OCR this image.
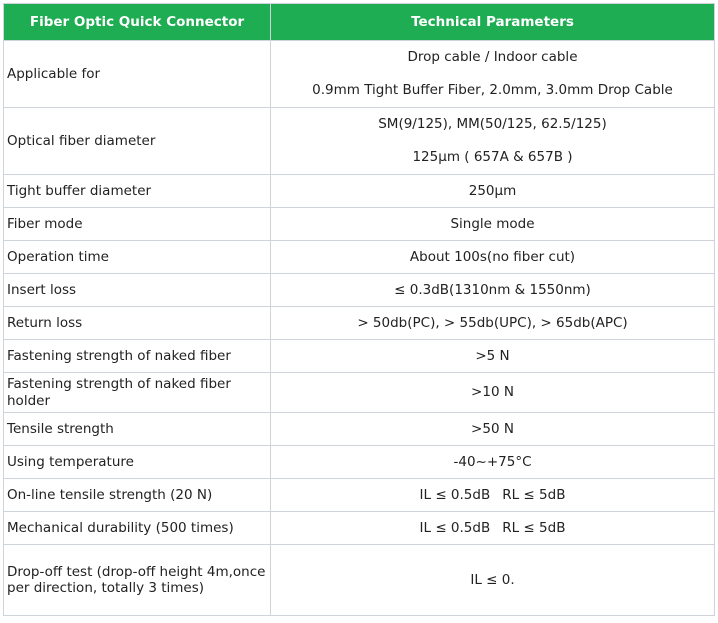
Fiber Optic Quick Connector	Technical Parameters
Applicable for	Drop cable / Indoor cable
0.9mm Tight Buffer Fiber, 2.0mm, 3.0mm Drop Cable

Optical fiber diameter	SM(9/125), MM(50/125, 62.5/125)
125μm ( 657A & 657B )

Tight buffer diameter	250μm
Fiber mode	Single mode
Operation time	About 100s(no fiber cut)
Insert loss	≤ 0.3dB(1310nm & 1550nm)
Return loss	> 50db(PC), > 55db(UPC), > 65db(APC)
Fastening strength of naked fiber	>5 N
Fastening strength of naked fiber holder	>10 N
Tensile strength	>50 N
Using temperature	-40~+75°C
On-line tensile strength (20 N)	IL ≤ 0.5dB RL ≤ 5dB
Mechanical durability (500 times)	IL ≤ 0.5dB RL ≤ 5dB
Drop-off test (drop-off height 4m,once per direction, totally 3 times)	IL ≤ 0.
